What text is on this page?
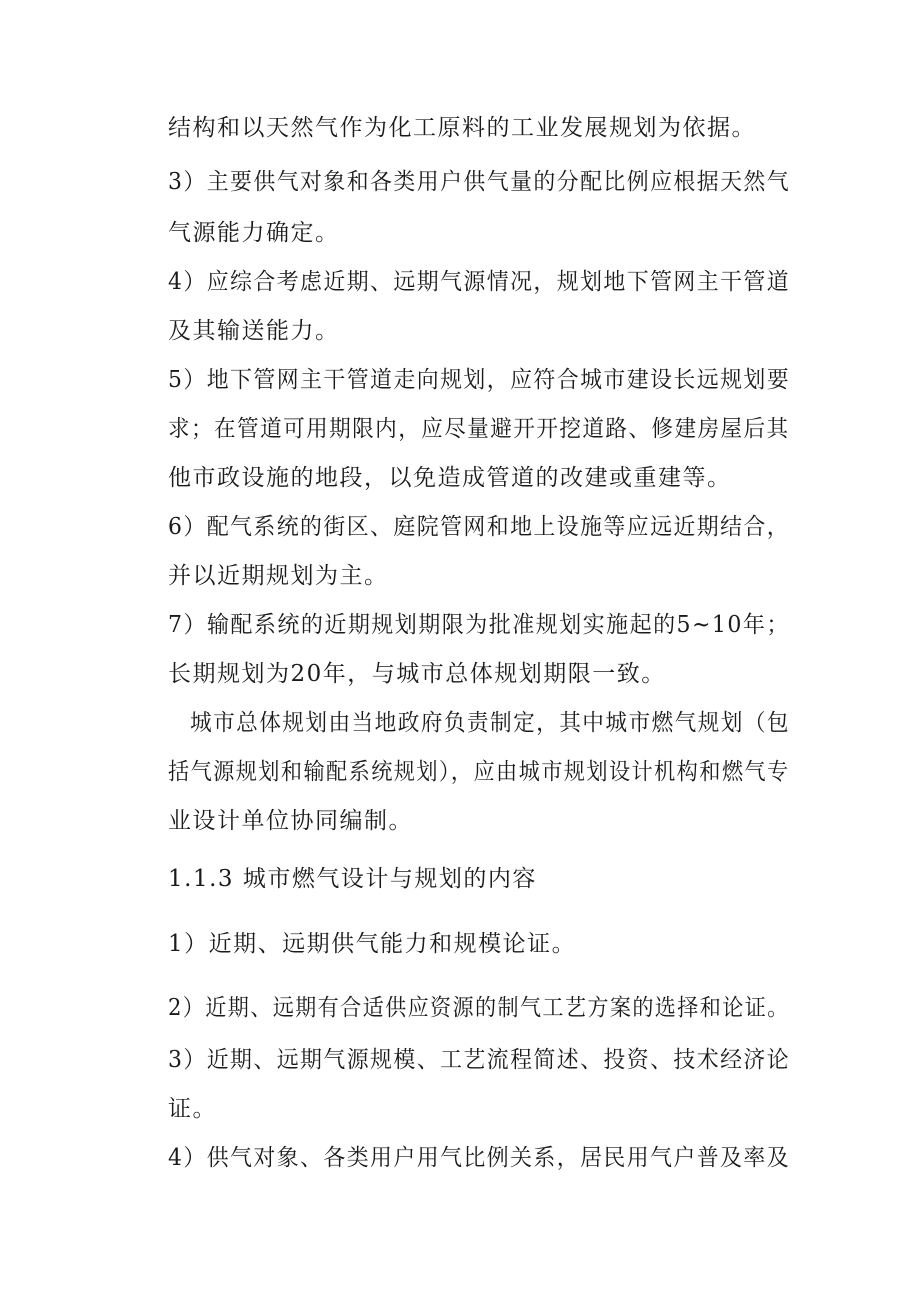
结构和以天然气作为化工原料的工业发展规划为依据。
3）主要供气对象和各类用户供气量的分配比例应根据天然气
气源能力确定。
4）应综合考虑近期、远期气源情况，规划地下管网主干管道
及其输送能力。
5）地下管网主干管道走向规划，应符合城市建设长远规划要
求；在管道可用期限内，应尽量避开开挖道路、修建房屋后其
他市政设施的地段，以免造成管道的改建或重建等。
6）配气系统的街区、庭院管网和地上设施等应远近期结合，
并以近期规划为主。
7）输配系统的近期规划期限为批准规划实施起的5~10年；
长期规划为20年，与城市总体规划期限一致。
城市总体规划由当地政府负责制定，其中城市燃气规划（包
括气源规划和输配系统规划），应由城市规划设计机构和燃气专
业设计单位协同编制。
1.1.3 城市燃气设计与规划的内容
1）近期、远期供气能力和规模论证。
2）近期、远期有合适供应资源的制气工艺方案的选择和论证。
3）近期、远期气源规模、工艺流程简述、投资、技术经济论
证。
4）供气对象、各类用户用气比例关系，居民用气户普及率及
